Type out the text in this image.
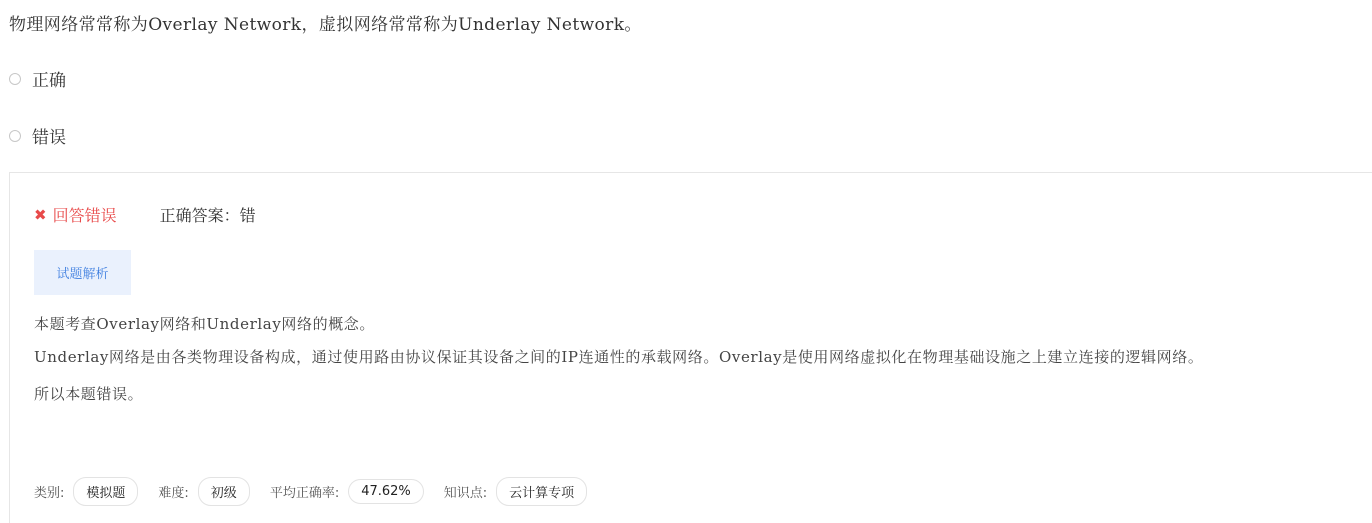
物理网络常常称为Overlay Network，虚拟网络常常称为Underlay Network。
正确
错误
✖ 回答错误	正确答案：错
试题解析

本题考查Overlay网络和Underlay网络的概念。

Underlay网络是由各类物理设备构成，通过使用路由协议保证其设备之间的IP连通性的承载网络。Overlay是使用网络虚拟化在物理基础设施之上建立连接的逻辑网络。

所以本题错误。

类别:	模拟题	难度:	初级	平均正确率:	47.62%	知识点:	云计算专项
